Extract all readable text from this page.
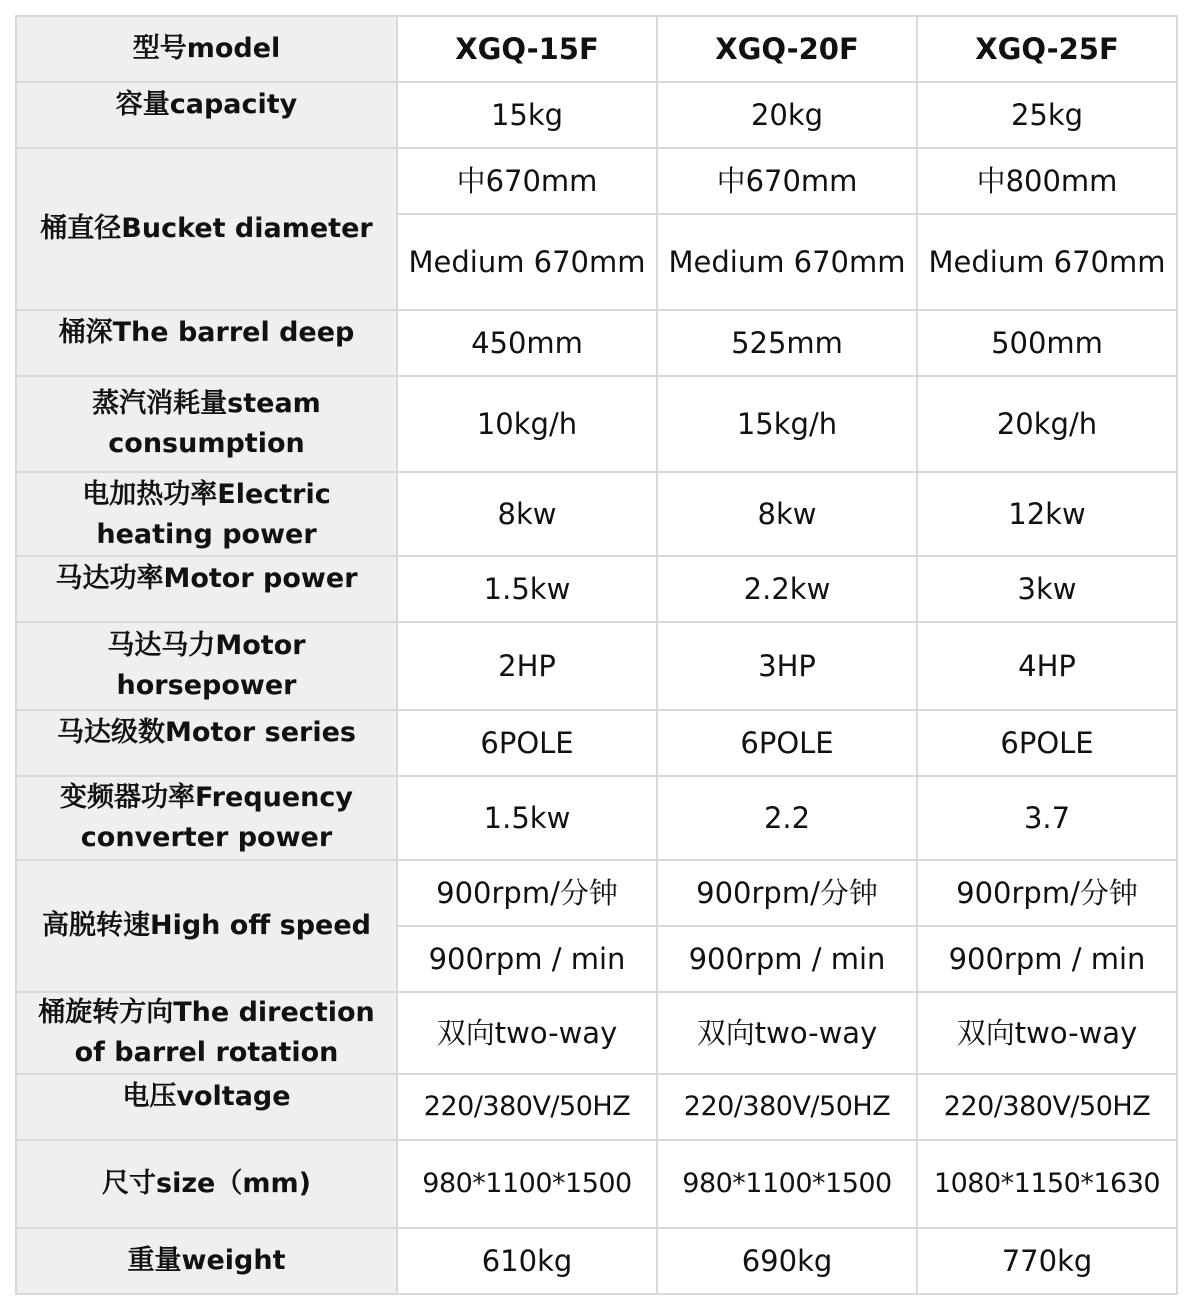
型号model	XGQ-15F	XGQ-20F	XGQ-25F
容量capacity	15kg	20kg	25kg
桶直径Bucket diameter	中670mm	中670mm	中800mm
	Medium 670mm	Medium 670mm	Medium 670mm
桶深The barrel deep	450mm	525mm	500mm
蒸汽消耗量steam consumption	10kg/h	15kg/h	20kg/h
电加热功率Electric heating power	8kw	8kw	12kw
马达功率Motor power	1.5kw	2.2kw	3kw
马达马力Motor horsepower	2HP	3HP	4HP
马达级数Motor series	6POLE	6POLE	6POLE
变频器功率Frequency converter power	1.5kw	2.2	3.7
高脱转速High off speed	900rpm/分钟	900rpm/分钟	900rpm/分钟
	900rpm / min	900rpm / min	900rpm / min
桶旋转方向The direction of barrel rotation	双向two-way	双向two-way	双向two-way
电压voltage	220/380V/50HZ	220/380V/50HZ	220/380V/50HZ
尺寸size（mm)	980*1100*1500	980*1100*1500	1080*1150*1630
重量weight	610kg	690kg	770kg
